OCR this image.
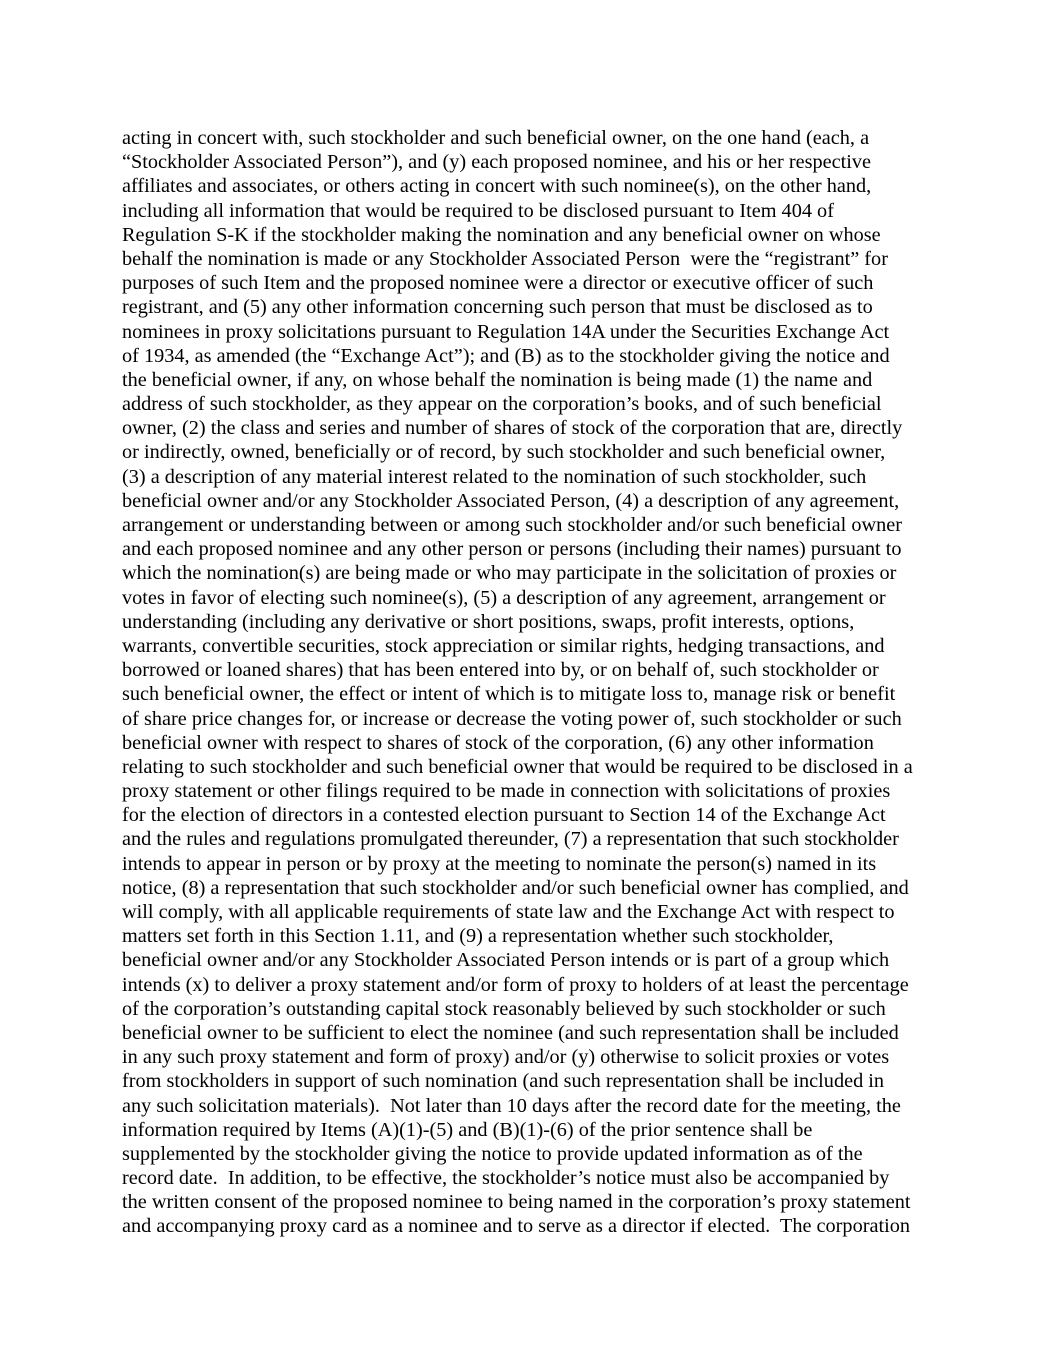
acting in concert with, such stockholder and such beneficial owner, on the one hand (each, a
“Stockholder Associated Person”), and (y) each proposed nominee, and his or her respective
affiliates and associates, or others acting in concert with such nominee(s), on the other hand,
including all information that would be required to be disclosed pursuant to Item 404 of
Regulation S-K if the stockholder making the nomination and any beneficial owner on whose
behalf the nomination is made or any Stockholder Associated Person  were the “registrant” for
purposes of such Item and the proposed nominee were a director or executive officer of such
registrant, and (5) any other information concerning such person that must be disclosed as to
nominees in proxy solicitations pursuant to Regulation 14A under the Securities Exchange Act
of 1934, as amended (the “Exchange Act”); and (B) as to the stockholder giving the notice and
the beneficial owner, if any, on whose behalf the nomination is being made (1) the name and
address of such stockholder, as they appear on the corporation’s books, and of such beneficial
owner, (2) the class and series and number of shares of stock of the corporation that are, directly
or indirectly, owned, beneficially or of record, by such stockholder and such beneficial owner,
(3) a description of any material interest related to the nomination of such stockholder, such
beneficial owner and/or any Stockholder Associated Person, (4) a description of any agreement,
arrangement or understanding between or among such stockholder and/or such beneficial owner
and each proposed nominee and any other person or persons (including their names) pursuant to
which the nomination(s) are being made or who may participate in the solicitation of proxies or
votes in favor of electing such nominee(s), (5) a description of any agreement, arrangement or
understanding (including any derivative or short positions, swaps, profit interests, options,
warrants, convertible securities, stock appreciation or similar rights, hedging transactions, and
borrowed or loaned shares) that has been entered into by, or on behalf of, such stockholder or
such beneficial owner, the effect or intent of which is to mitigate loss to, manage risk or benefit
of share price changes for, or increase or decrease the voting power of, such stockholder or such
beneficial owner with respect to shares of stock of the corporation, (6) any other information
relating to such stockholder and such beneficial owner that would be required to be disclosed in a
proxy statement or other filings required to be made in connection with solicitations of proxies
for the election of directors in a contested election pursuant to Section 14 of the Exchange Act
and the rules and regulations promulgated thereunder, (7) a representation that such stockholder
intends to appear in person or by proxy at the meeting to nominate the person(s) named in its
notice, (8) a representation that such stockholder and/or such beneficial owner has complied, and
will comply, with all applicable requirements of state law and the Exchange Act with respect to
matters set forth in this Section 1.11, and (9) a representation whether such stockholder,
beneficial owner and/or any Stockholder Associated Person intends or is part of a group which
intends (x) to deliver a proxy statement and/or form of proxy to holders of at least the percentage
of the corporation’s outstanding capital stock reasonably believed by such stockholder or such
beneficial owner to be sufficient to elect the nominee (and such representation shall be included
in any such proxy statement and form of proxy) and/or (y) otherwise to solicit proxies or votes
from stockholders in support of such nomination (and such representation shall be included in
any such solicitation materials).  Not later than 10 days after the record date for the meeting, the
information required by Items (A)(1)-(5) and (B)(1)-(6) of the prior sentence shall be
supplemented by the stockholder giving the notice to provide updated information as of the
record date.  In addition, to be effective, the stockholder’s notice must also be accompanied by
the written consent of the proposed nominee to being named in the corporation’s proxy statement
and accompanying proxy card as a nominee and to serve as a director if elected.  The corporation
